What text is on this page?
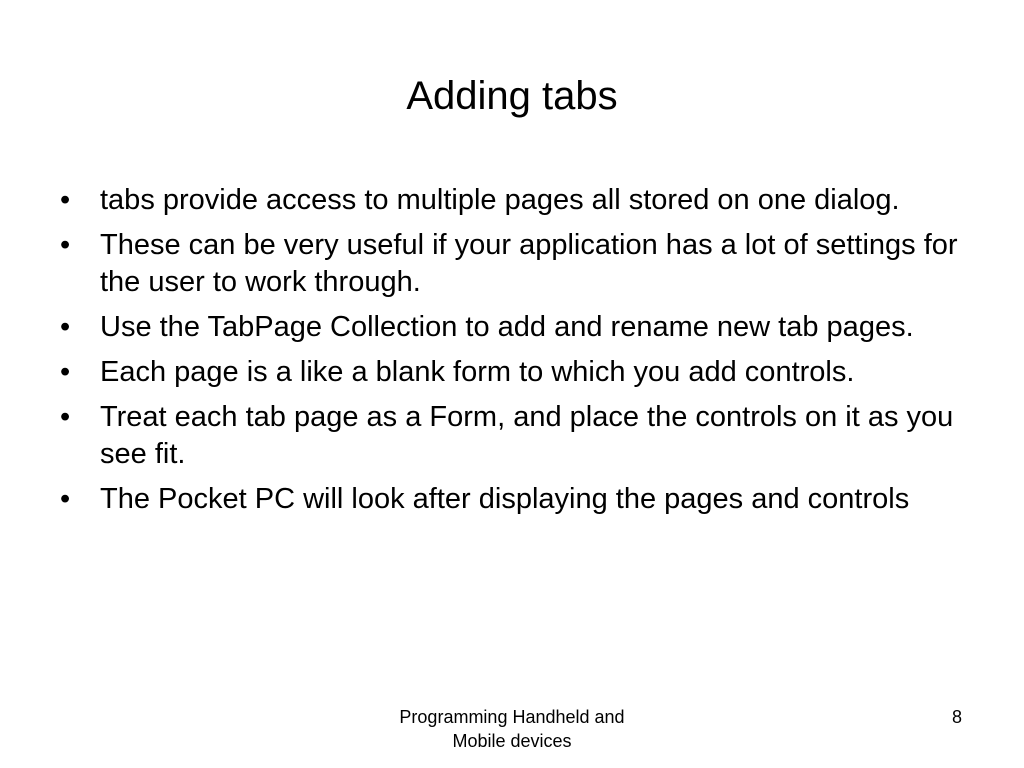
Adding tabs
• tabs provide access to multiple pages all stored on one dialog.
• These can be very useful if your application has a lot of settings for the user to work through.
• Use the TabPage Collection to add and rename new tab pages.
• Each page is a like a blank form to which you add controls.
• Treat each tab page as a Form, and place the controls on it as you see fit.
• The Pocket PC will look after displaying the pages and controls
Programming Handheld and
Mobile devices
8
